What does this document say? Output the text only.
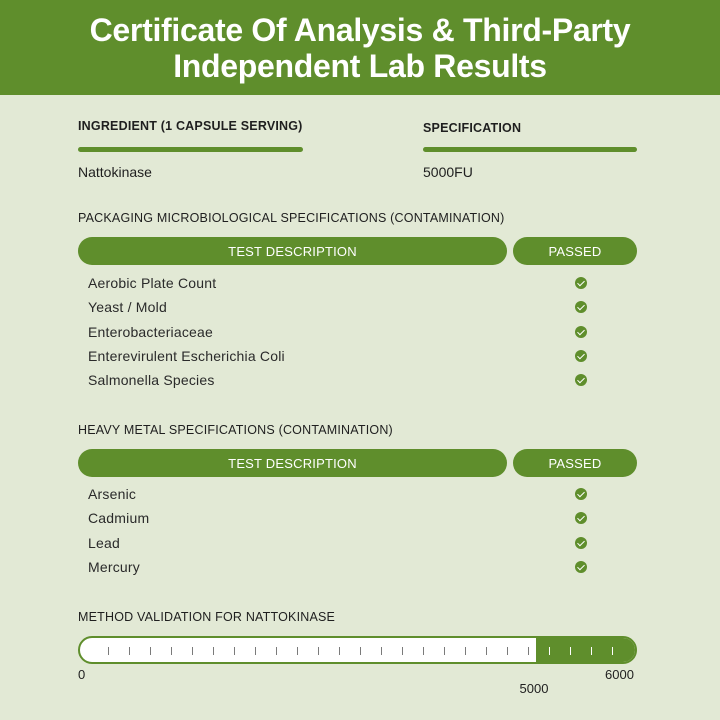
Certificate Of Analysis & Third-Party
Independent Lab Results
INGREDIENT (1 CAPSULE SERVING)
Nattokinase
SPECIFICATION
5000FU
PACKAGING MICROBIOLOGICAL SPECIFICATIONS (CONTAMINATION)
TEST DESCRIPTION	PASSED
Aerobic Plate Count
Yeast / Mold
Enterobacteriaceae
Enterevirulent Escherichia Coli
Salmonella Species
HEAVY METAL SPECIFICATIONS (CONTAMINATION)
TEST DESCRIPTION	PASSED
Arsenic
Cadmium
Lead
Mercury
METHOD VALIDATION FOR NATTOKINASE
0
5000
6000
